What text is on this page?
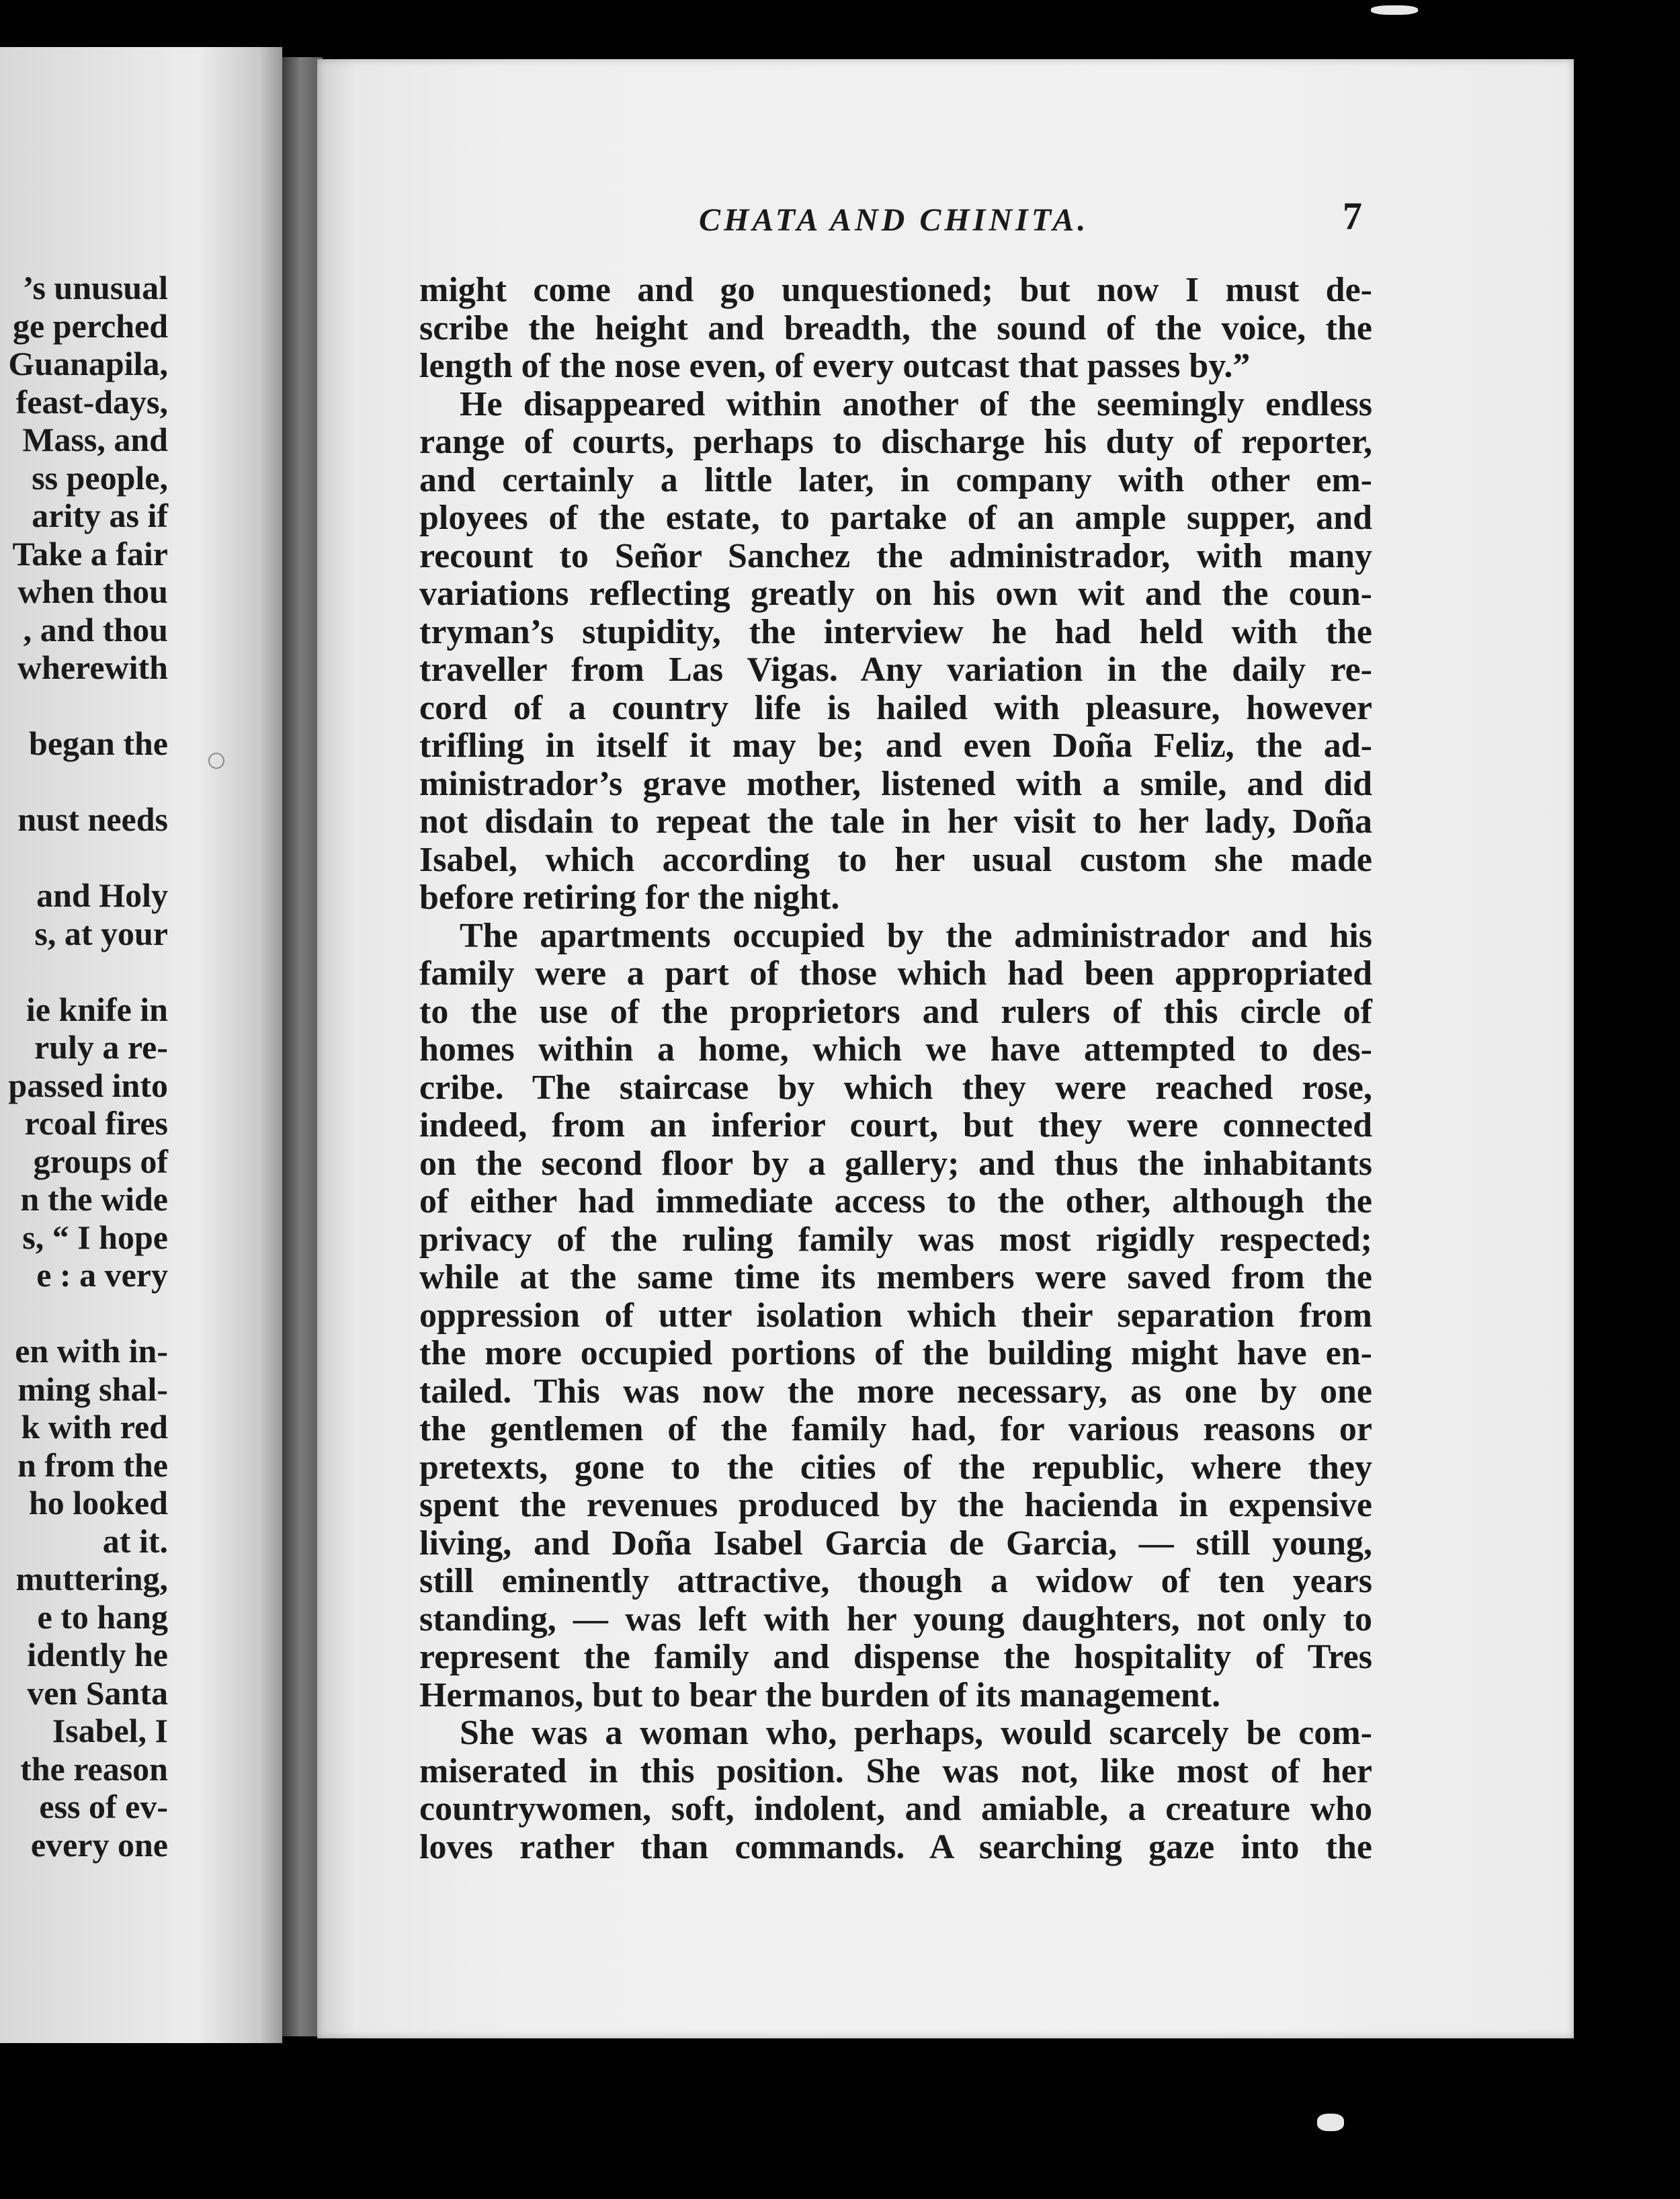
’s unusual
ge perched
Guanapila,
feast-days,
Mass, and
ss people,
arity as if
Take a fair
when thou
, and thou
wherewith
began the
nust needs
and Holy
s, at your
ie knife in
ruly a re-
passed into
rcoal fires
groups of
n the wide
s, “ I hope
e : a very
en with in-
ming shal-
k with red
n from the
ho looked
at it.
muttering,
e to hang
idently he
ven Santa
Isabel, I
the reason
ess of ev-
every one
CHATA AND CHINITA.	7
might come and go unquestioned; but now I must de-
scribe the height and breadth, the sound of the voice, the
length of the nose even, of every outcast that passes by.”
He disappeared within another of the seemingly endless
range of courts, perhaps to discharge his duty of reporter,
and certainly a little later, in company with other em-
ployees of the estate, to partake of an ample supper, and
recount to Señor Sanchez the administrador, with many
variations reflecting greatly on his own wit and the coun-
tryman’s stupidity, the interview he had held with the
traveller from Las Vigas. Any variation in the daily re-
cord of a country life is hailed with pleasure, however
trifling in itself it may be; and even Doña Feliz, the ad-
ministrador’s grave mother, listened with a smile, and did
not disdain to repeat the tale in her visit to her lady, Doña
Isabel, which according to her usual custom she made
before retiring for the night.
The apartments occupied by the administrador and his
family were a part of those which had been appropriated
to the use of the proprietors and rulers of this circle of
homes within a home, which we have attempted to des-
cribe. The staircase by which they were reached rose,
indeed, from an inferior court, but they were connected
on the second floor by a gallery; and thus the inhabitants
of either had immediate access to the other, although the
privacy of the ruling family was most rigidly respected;
while at the same time its members were saved from the
oppression of utter isolation which their separation from
the more occupied portions of the building might have en-
tailed. This was now the more necessary, as one by one
the gentlemen of the family had, for various reasons or
pretexts, gone to the cities of the republic, where they
spent the revenues produced by the hacienda in expensive
living, and Doña Isabel Garcia de Garcia, — still young,
still eminently attractive, though a widow of ten years
standing, — was left with her young daughters, not only to
represent the family and dispense the hospitality of Tres
Hermanos, but to bear the burden of its management.
She was a woman who, perhaps, would scarcely be com-
miserated in this position. She was not, like most of her
countrywomen, soft, indolent, and amiable, a creature who
loves rather than commands. A searching gaze into the
